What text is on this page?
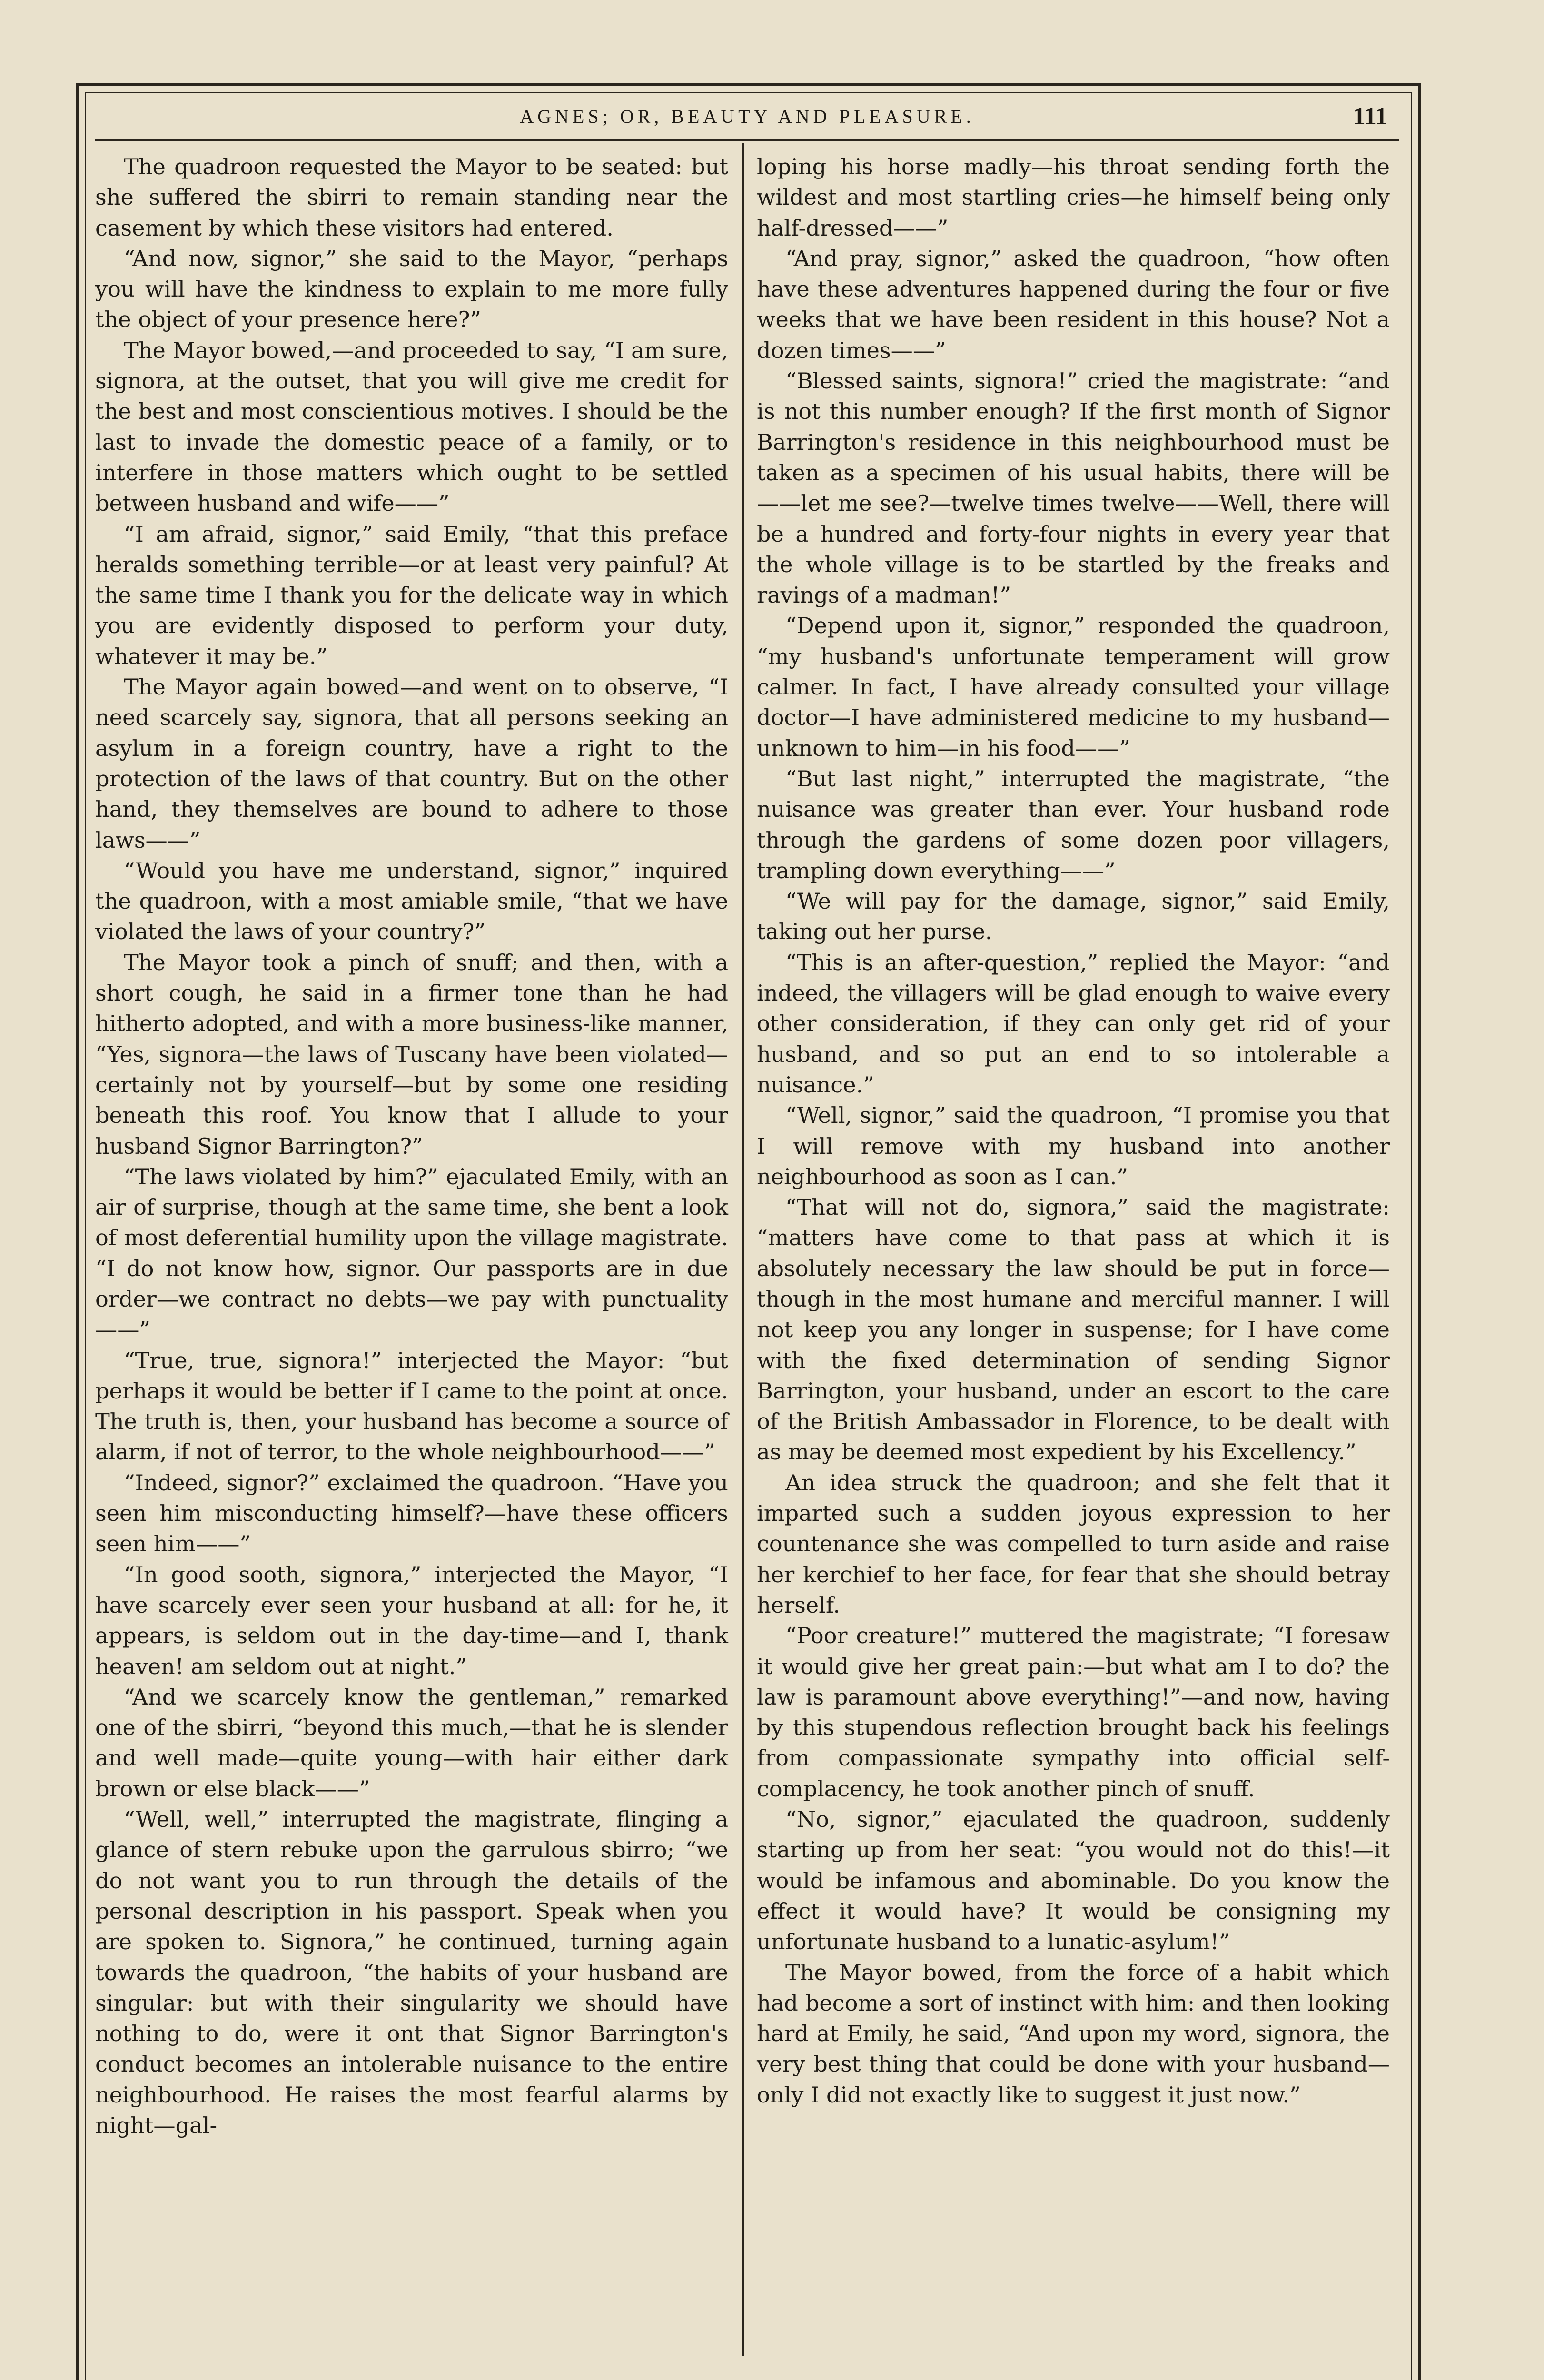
AGNES; OR, BEAUTY AND PLEASURE.	111

The quadroon requested the Mayor to be seated: but she suffered the sbirri to remain standing near the casement by which these visitors had entered.

“And now, signor,” she said to the Mayor, “perhaps you will have the kindness to explain to me more fully the object of your presence here?”

The Mayor bowed,—and proceeded to say, “I am sure, signora, at the outset, that you will give me credit for the best and most conscientious motives. I should be the last to invade the domestic peace of a family, or to interfere in those matters which ought to be settled between husband and wife——”

“I am afraid, signor,” said Emily, “that this preface heralds something terrible—or at least very painful? At the same time I thank you for the delicate way in which you are evidently disposed to perform your duty, whatever it may be.”

The Mayor again bowed—and went on to observe, “I need scarcely say, signora, that all persons seeking an asylum in a foreign country, have a right to the protection of the laws of that country. But on the other hand, they themselves are bound to adhere to those laws——”

“Would you have me understand, signor,” inquired the quadroon, with a most amiable smile, “that we have violated the laws of your country?”

The Mayor took a pinch of snuff; and then, with a short cough, he said in a firmer tone than he had hitherto adopted, and with a more business-like manner, “Yes, signora—the laws of Tuscany have been violated—certainly not by yourself—but by some one residing beneath this roof. You know that I allude to your husband Signor Barrington?”

“The laws violated by him?” ejaculated Emily, with an air of surprise, though at the same time, she bent a look of most deferential humility upon the village magistrate. “I do not know how, signor. Our passports are in due order—we contract no debts—we pay with punctuality——”

“True, true, signora!” interjected the Mayor: “but perhaps it would be better if I came to the point at once. The truth is, then, your husband has become a source of alarm, if not of terror, to the whole neighbourhood——”

“Indeed, signor?” exclaimed the quadroon. “Have you seen him misconducting himself?—have these officers seen him——”

“In good sooth, signora,” interjected the Mayor, “I have scarcely ever seen your husband at all: for he, it appears, is seldom out in the day-time—and I, thank heaven! am seldom out at night.”

“And we scarcely know the gentleman,” remarked one of the sbirri, “beyond this much,—that he is slender and well made—quite young—with hair either dark brown or else black——”

“Well, well,” interrupted the magistrate, flinging a glance of stern rebuke upon the garrulous sbirro; “we do not want you to run through the details of the personal description in his passport. Speak when you are spoken to. Signora,” he continued, turning again towards the quadroon, “the habits of your husband are singular: but with their singularity we should have nothing to do, were it ont that Signor Barrington's conduct becomes an intolerable nuisance to the entire neighbourhood. He raises the most fearful alarms by night—gal-

loping his horse madly—his throat sending forth the wildest and most startling cries—he himself being only half-dressed——”

“And pray, signor,” asked the quadroon, “how often have these adventures happened during the four or five weeks that we have been resident in this house? Not a dozen times——”

“Blessed saints, signora!” cried the magistrate: “and is not this number enough? If the first month of Signor Barrington's residence in this neighbourhood must be taken as a specimen of his usual habits, there will be——let me see?—twelve times twelve——Well, there will be a hundred and forty-four nights in every year that the whole village is to be startled by the freaks and ravings of a madman!”

“Depend upon it, signor,” responded the quadroon, “my husband's unfortunate temperament will grow calmer. In fact, I have already consulted your village doctor—I have administered medicine to my husband—unknown to him—in his food——”

“But last night,” interrupted the magistrate, “the nuisance was greater than ever. Your husband rode through the gardens of some dozen poor villagers, trampling down everything——”

“We will pay for the damage, signor,” said Emily, taking out her purse.

“This is an after-question,” replied the Mayor: “and indeed, the villagers will be glad enough to waive every other consideration, if they can only get rid of your husband, and so put an end to so intolerable a nuisance.”

“Well, signor,” said the quadroon, “I promise you that I will remove with my husband into another neighbourhood as soon as I can.”

“That will not do, signora,” said the magistrate: “matters have come to that pass at which it is absolutely necessary the law should be put in force—though in the most humane and merciful manner. I will not keep you any longer in suspense; for I have come with the fixed determination of sending Signor Barrington, your husband, under an escort to the care of the British Ambassador in Florence, to be dealt with as may be deemed most expedient by his Excellency.”

An idea struck the quadroon; and she felt that it imparted such a sudden joyous expression to her countenance she was compelled to turn aside and raise her kerchief to her face, for fear that she should betray herself.

“Poor creature!” muttered the magistrate; “I foresaw it would give her great pain:—but what am I to do? the law is paramount above everything!”—and now, having by this stupendous reflection brought back his feelings from compassionate sympathy into official self-complacency, he took another pinch of snuff.

“No, signor,” ejaculated the quadroon, suddenly starting up from her seat: “you would not do this!—it would be infamous and abominable. Do you know the effect it would have? It would be consigning my unfortunate husband to a lunatic-asylum!”

The Mayor bowed, from the force of a habit which had become a sort of instinct with him: and then looking hard at Emily, he said, “And upon my word, signora, the very best thing that could be done with your husband—only I did not exactly like to suggest it just now.”
